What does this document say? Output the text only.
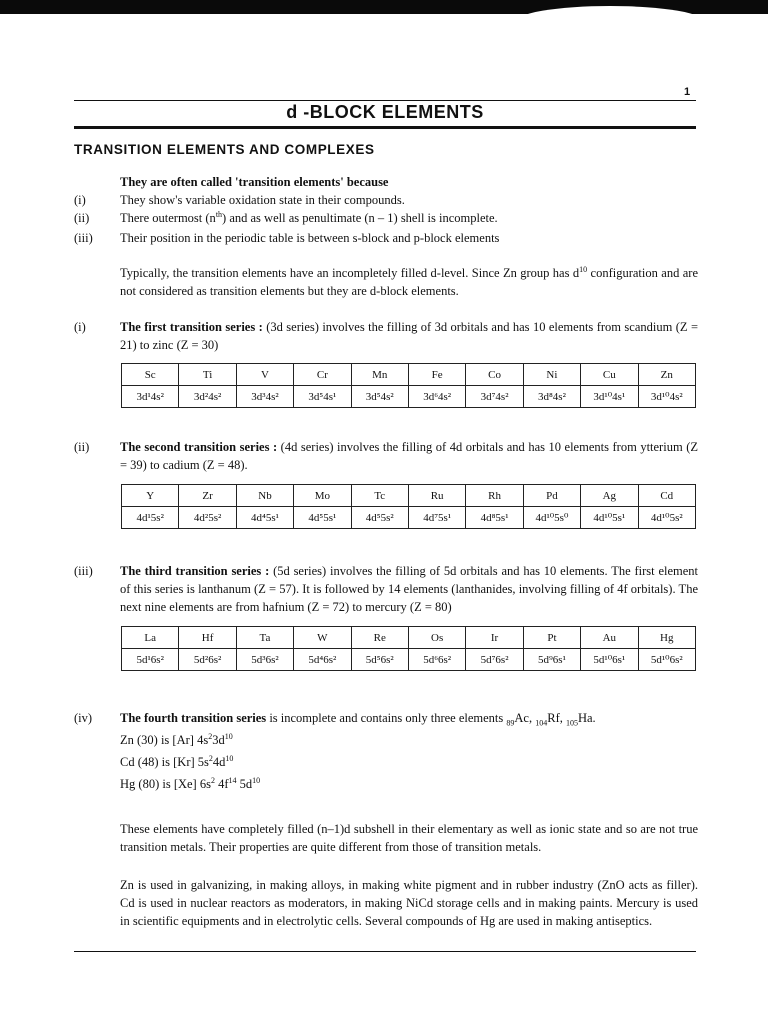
1
d -BLOCK ELEMENTS
TRANSITION ELEMENTS AND COMPLEXES
They are often called 'transition elements' because
(i)	They show's variable oxidation state in their compounds.
(ii) There outermost $(n^{th})$ and as well as penultimate (n – 1) shell is incomplete.
(iii) Their position in the periodic table is between s-block and p-block elements
Typically, the transition elements have an incompletely filled d-level. Since Zn group has $d^{10}$ configuration and are not considered as transition elements but they are d-block elements.
(i)	The first transition series : (3d series) involves the filling of 3d orbitals and has 10 elements from scandium (Z = 21) to zinc (Z = 30)
Sc	Ti	V	Cr	Mn	Fe	Co	Ni	Cu	Zn
3d¹4s²	3d²4s²	3d³4s²	3d⁵4s¹	3d⁵4s²	3d⁶4s²	3d⁷4s²	3d⁸4s²	3d¹⁰4s¹	3d¹⁰4s²
(ii) The second transition series : (4d series) involves the filling of 4d orbitals and has 10 elements from ytterium (Z = 39) to cadium (Z = 48).
Y	Zr	Nb	Mo	Tc	Ru	Rh	Pd	Ag	Cd
4d¹5s²	4d²5s²	4d⁴5s¹	4d⁵5s¹	4d⁵5s²	4d⁷5s¹	4d⁸5s¹	4d¹⁰5s⁰	4d¹⁰5s¹	4d¹⁰5s²
(iii) The third transition series : (5d series) involves the filling of 5d orbitals and has 10 elements. The first element of this series is lanthanum (Z = 57). It is followed by 14 elements (lanthanides, involving filling of 4f orbitals). The next nine elements are from hafnium (Z = 72) to mercury (Z = 80)
La	Hf	Ta	W	Re	Os	Ir	Pt	Au	Hg
5d¹6s²	5d²6s²	5d³6s²	5d⁴6s²	5d⁵6s²	5d⁶6s²	5d⁷6s²	5d⁹6s¹	5d¹⁰6s¹	5d¹⁰6s²
(iv) The fourth transition series is incomplete and contains only three elements $_{89}$Ac, $_{104}$Rf, $_{105}$Ha.
Zn (30) is [Ar] $4s^23d^{10}$
Cd (48) is [Kr] $5s^24d^{10}$
Hg (80) is [Xe] $6s^2$ $4f^{14}$ $5d^{10}$
These elements have completely filled (n–1)d subshell in their elementary as well as ionic state and so are not true transition metals. Their properties are quite different from those of transition metals.
Zn is used in galvanizing, in making alloys, in making white pigment and in rubber industry (ZnO acts as filler). Cd is used in nuclear reactors as moderators, in making NiCd storage cells and in making paints. Mercury is used in scientific equipments and in electrolytic cells. Several compounds of Hg are used in making antiseptics.
